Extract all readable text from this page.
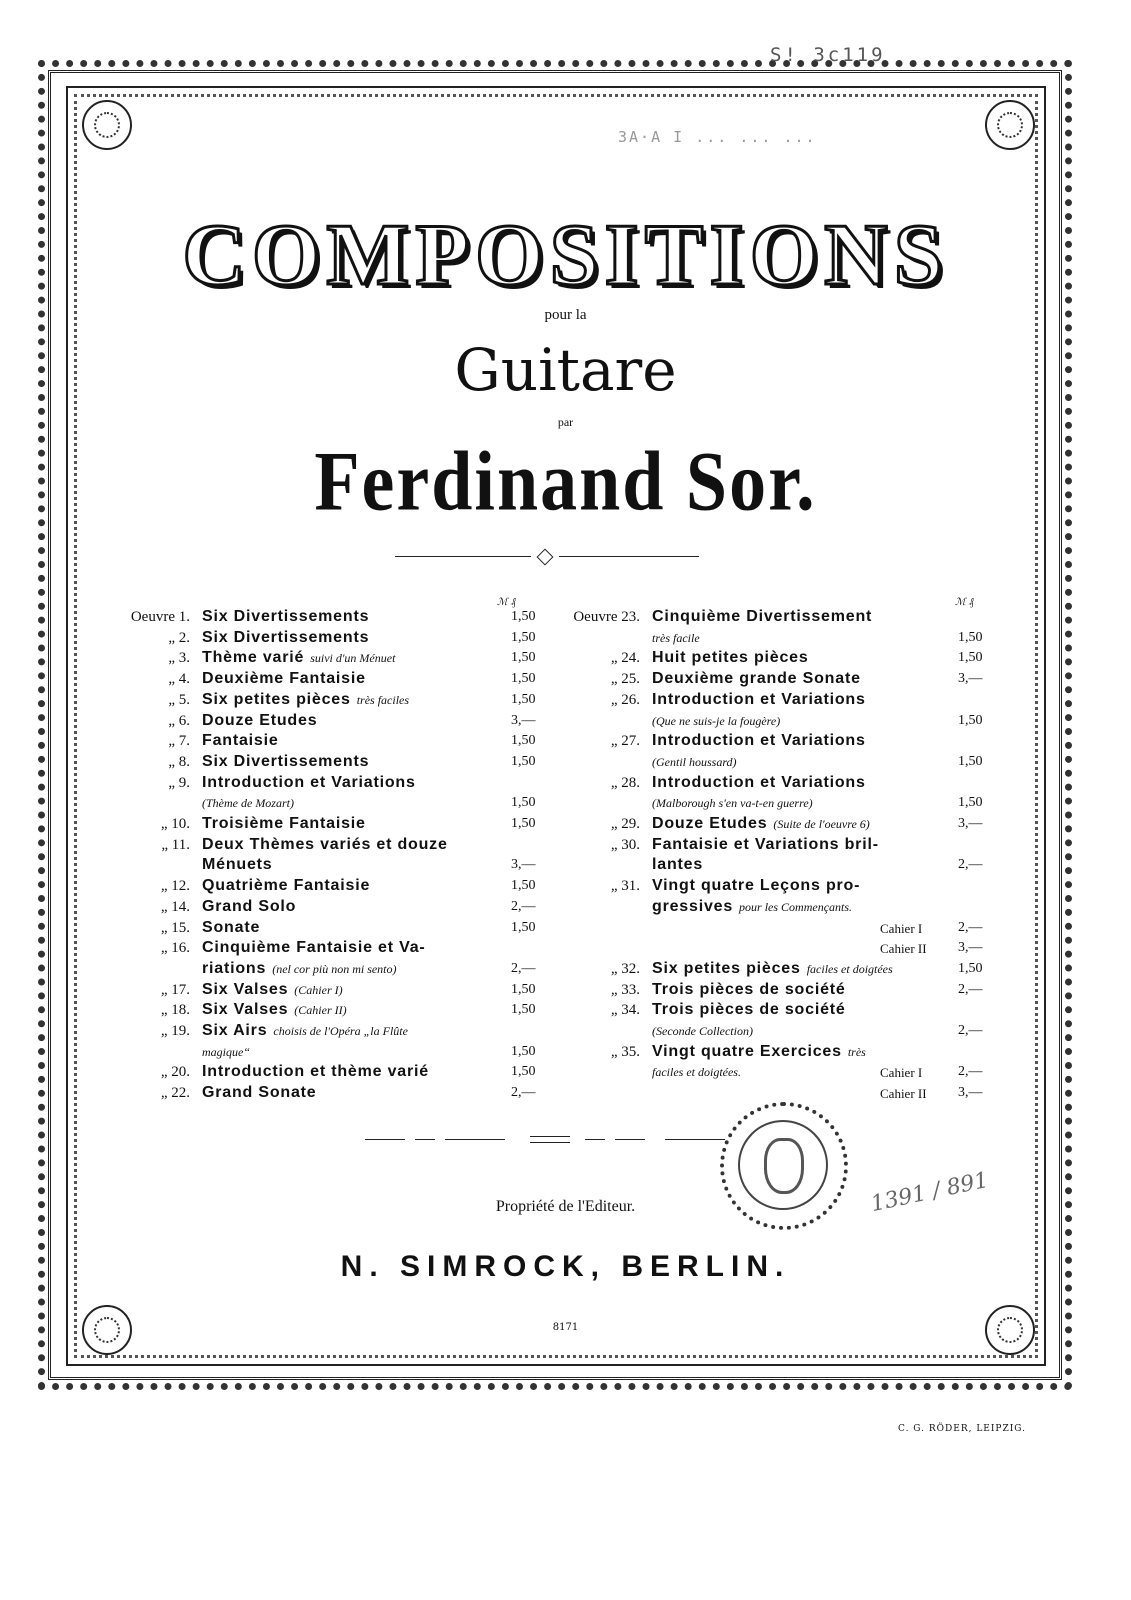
S! 3c119
3A·A I ... ... ...
COMPOSITIONS
pour la
Guitare
par
Ferdinand Sor.
ℳ ₰	ℳ ₰
Oeuvre 1. Six Divertissements	1,50
„ 2. Six Divertissements	1,50
„ 3. Thème varié suivi d'un Ménuet	1,50
„ 4. Deuxième Fantaisie	1,50
„ 5. Six petites pièces très faciles	1,50
„ 6. Douze Etudes	3,—
„ 7. Fantaisie	1,50
„ 8. Six Divertissements	1,50
„ 9. Introduction et Variations
(Thème de Mozart)	1,50
„ 10. Troisième Fantaisie	1,50
„ 11. Deux Thèmes variés et douze
Ménuets	3,—
„ 12. Quatrième Fantaisie	1,50
„ 14. Grand Solo	2,—
„ 15. Sonate	1,50
„ 16. Cinquième Fantaisie et Va-
riations (nel cor più non mi sento)	2,—
„ 17. Six Valses (Cahier I)	1,50
„ 18. Six Valses (Cahier II)	1,50
„ 19. Six Airs choisis de l'Opéra „la Flûte
magique“	1,50
„ 20. Introduction et thème varié	1,50
„ 22. Grand Sonate	2,—
Oeuvre 23. Cinquième Divertissement
très facile	1,50
„ 24. Huit petites pièces	1,50
„ 25. Deuxième grande Sonate	3,—
„ 26. Introduction et Variations
(Que ne suis-je la fougère)	1,50
„ 27. Introduction et Variations
(Gentil houssard)	1,50
„ 28. Introduction et Variations
(Malborough s'en va-t-en guerre)	1,50
„ 29. Douze Etudes (Suite de l'oeuvre 6)	3,—
„ 30. Fantaisie et Variations bril-
lantes	2,—
„ 31. Vingt quatre Leçons pro-
gressives pour les Commençants.
Cahier I	2,—
Cahier II 3,—
„ 32. Six petites pièces faciles et doigtées	1,50
„ 33. Trois pièces de société	2,—
„ 34. Trois pièces de société
(Seconde Collection)	2,—
„ 35. Vingt quatre Exercices très
faciles et doigtées.	Cahier I	2,—
Cahier II 3,—
1391 / 891
Propriété de l'Editeur.
N. SIMROCK, BERLIN.
8171
C. G. RÖDER, LEIPZIG.
